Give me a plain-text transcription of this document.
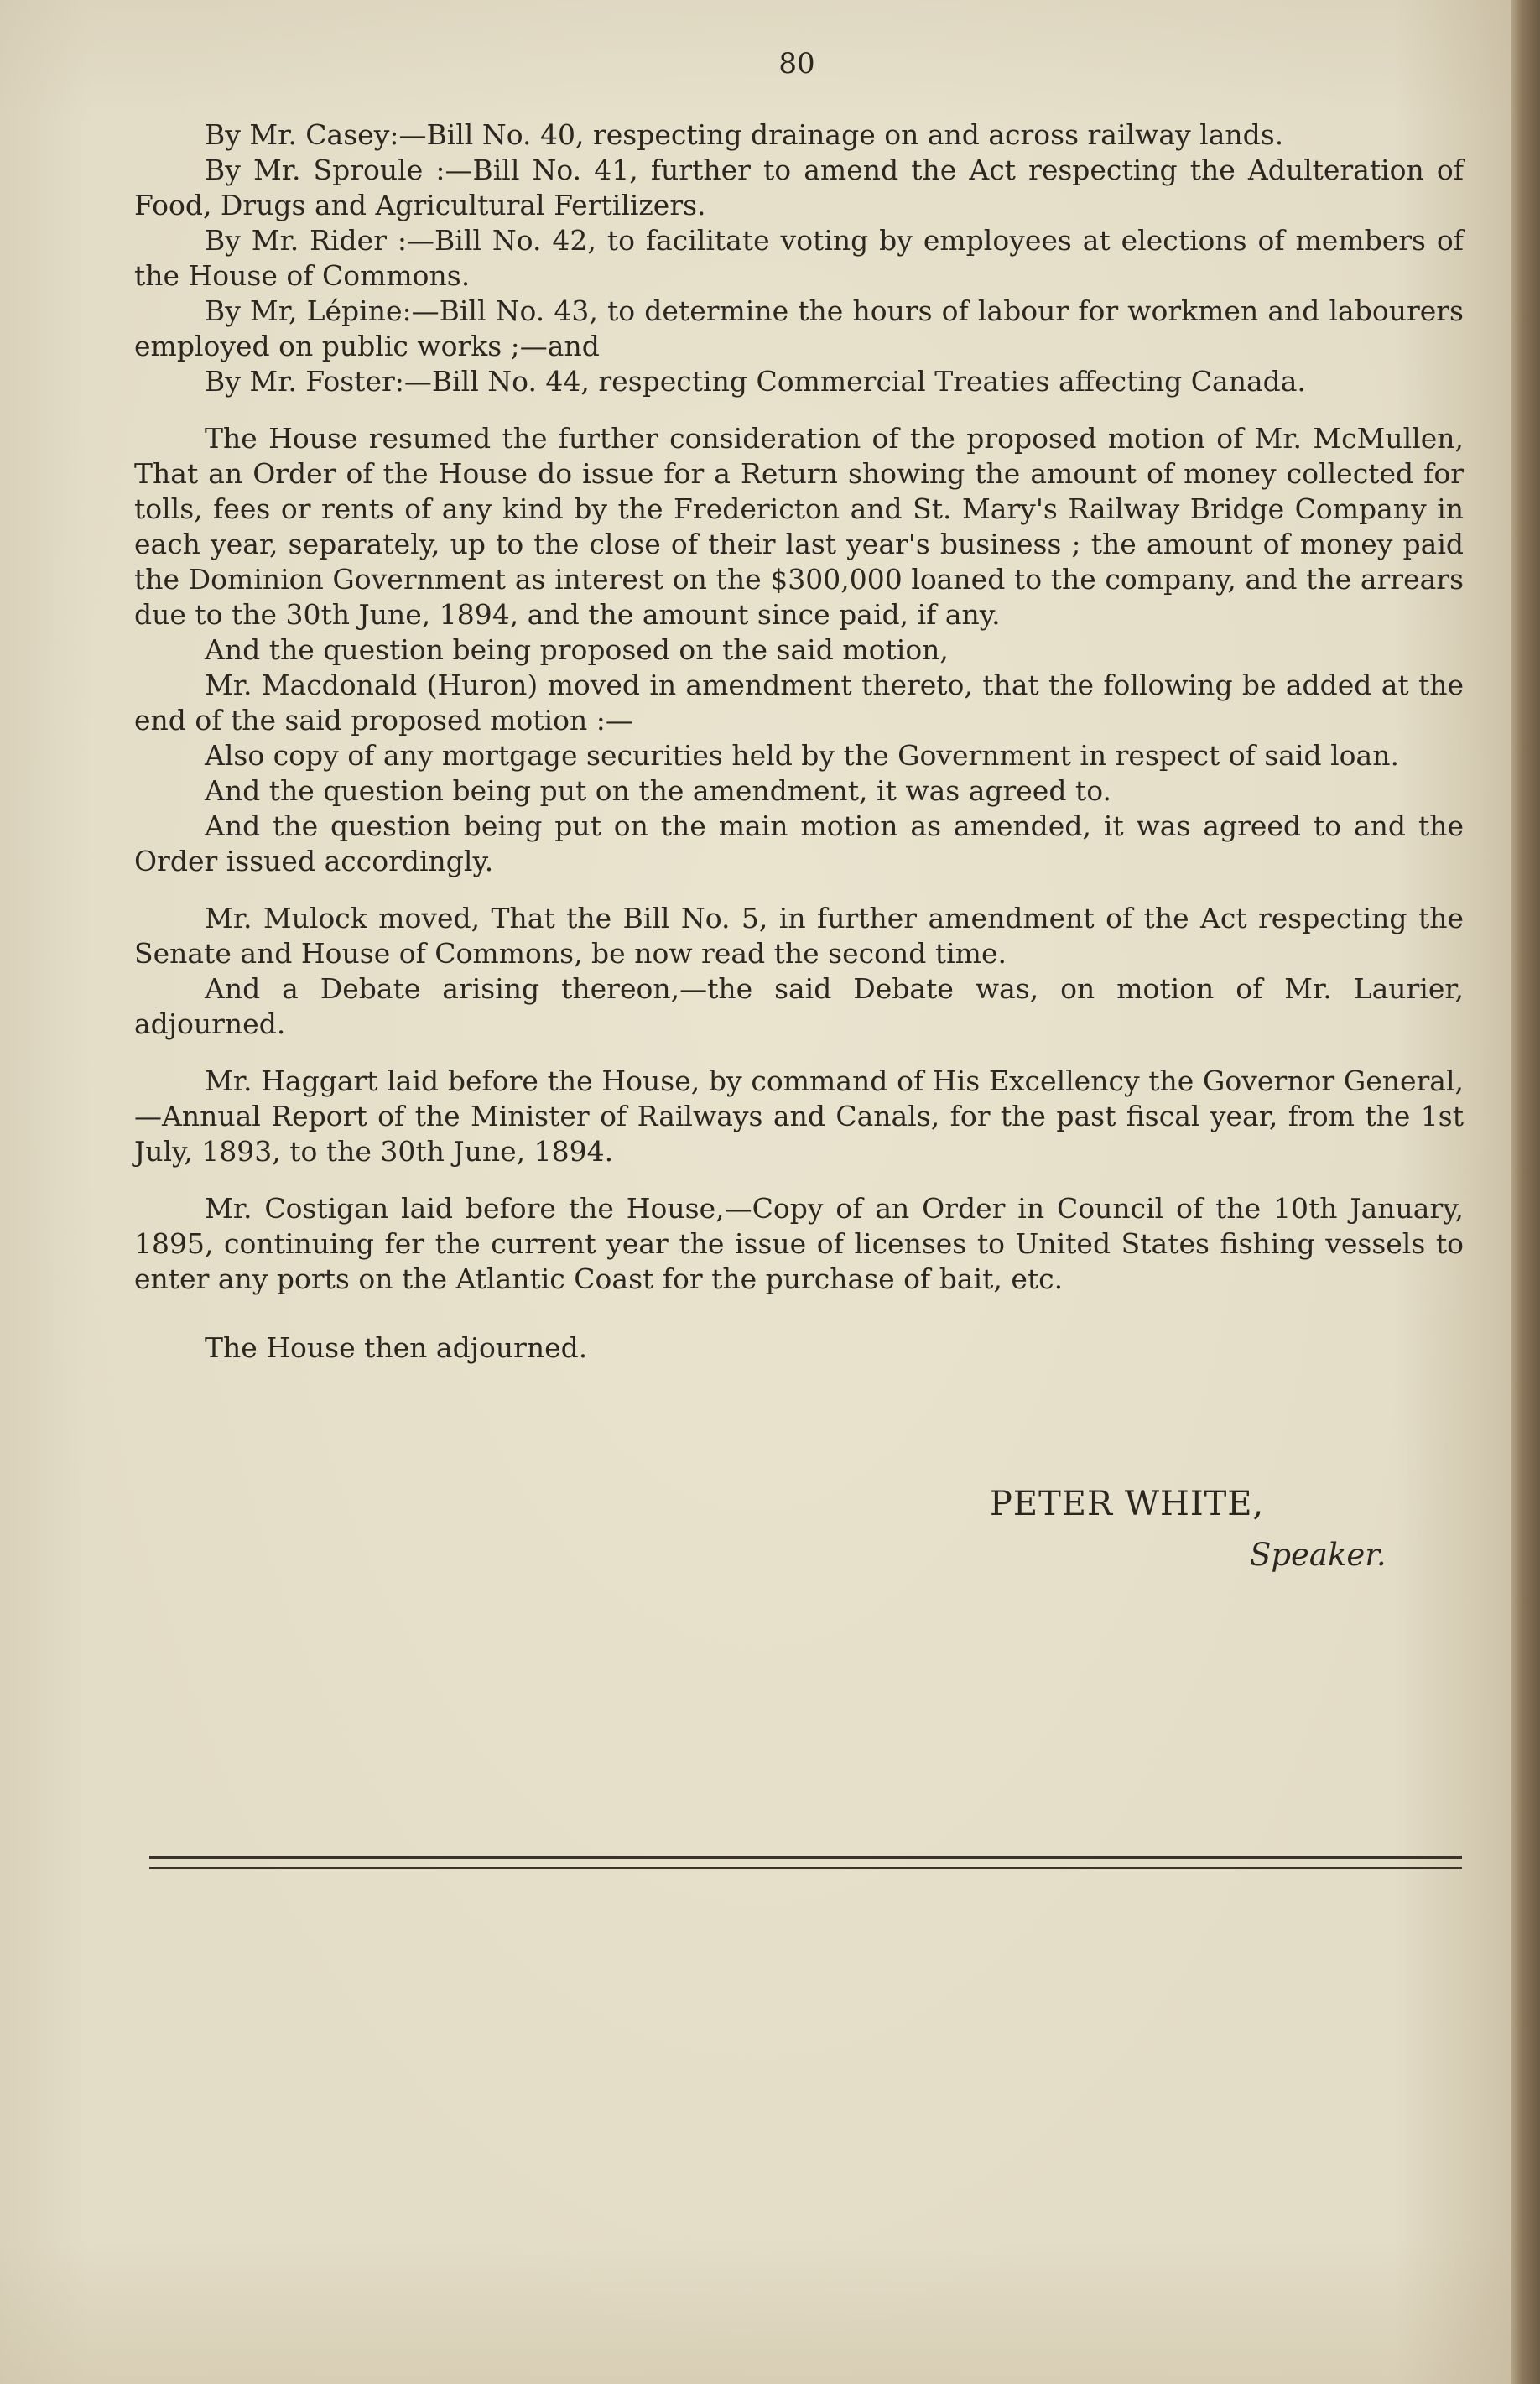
80

By Mr. Casey:—Bill No. 40, respecting drainage on and across railway lands.

By Mr. Sproule :—Bill No. 41, further to amend the Act respecting the Adulteration of Food, Drugs and Agricultural Fertilizers.

By Mr. Rider :—Bill No. 42, to facilitate voting by employees at elections of members of the House of Commons.

By Mr, Lépine:—Bill No. 43, to determine the hours of labour for workmen and labourers employed on public works ;—and

By Mr. Foster:—Bill No. 44, respecting Commercial Treaties affecting Canada.

The House resumed the further consideration of the proposed motion of Mr. McMullen, That an Order of the House do issue for a Return showing the amount of money collected for tolls, fees or rents of any kind by the Fredericton and St. Mary's Railway Bridge Company in each year, separately, up to the close of their last year's business ; the amount of money paid the Dominion Government as interest on the $300,000 loaned to the company, and the arrears due to the 30th June, 1894, and the amount since paid, if any.

And the question being proposed on the said motion,

Mr. Macdonald (Huron) moved in amendment thereto, that the following be added at the end of the said proposed motion :—

Also copy of any mortgage securities held by the Government in respect of said loan.

And the question being put on the amendment, it was agreed to.

And the question being put on the main motion as amended, it was agreed to and the Order issued accordingly.

Mr. Mulock moved, That the Bill No. 5, in further amendment of the Act respecting the Senate and House of Commons, be now read the second time.

And a Debate arising thereon,—the said Debate was, on motion of Mr. Laurier, adjourned.

Mr. Haggart laid before the House, by command of His Excellency the Governor General,—Annual Report of the Minister of Railways and Canals, for the past fiscal year, from the 1st July, 1893, to the 30th June, 1894.

Mr. Costigan laid before the House,—Copy of an Order in Council of the 10th January, 1895, continuing fer the current year the issue of licenses to United States fishing vessels to enter any ports on the Atlantic Coast for the purchase of bait, etc.

The House then adjourned.

PETER WHITE,
Speaker.
